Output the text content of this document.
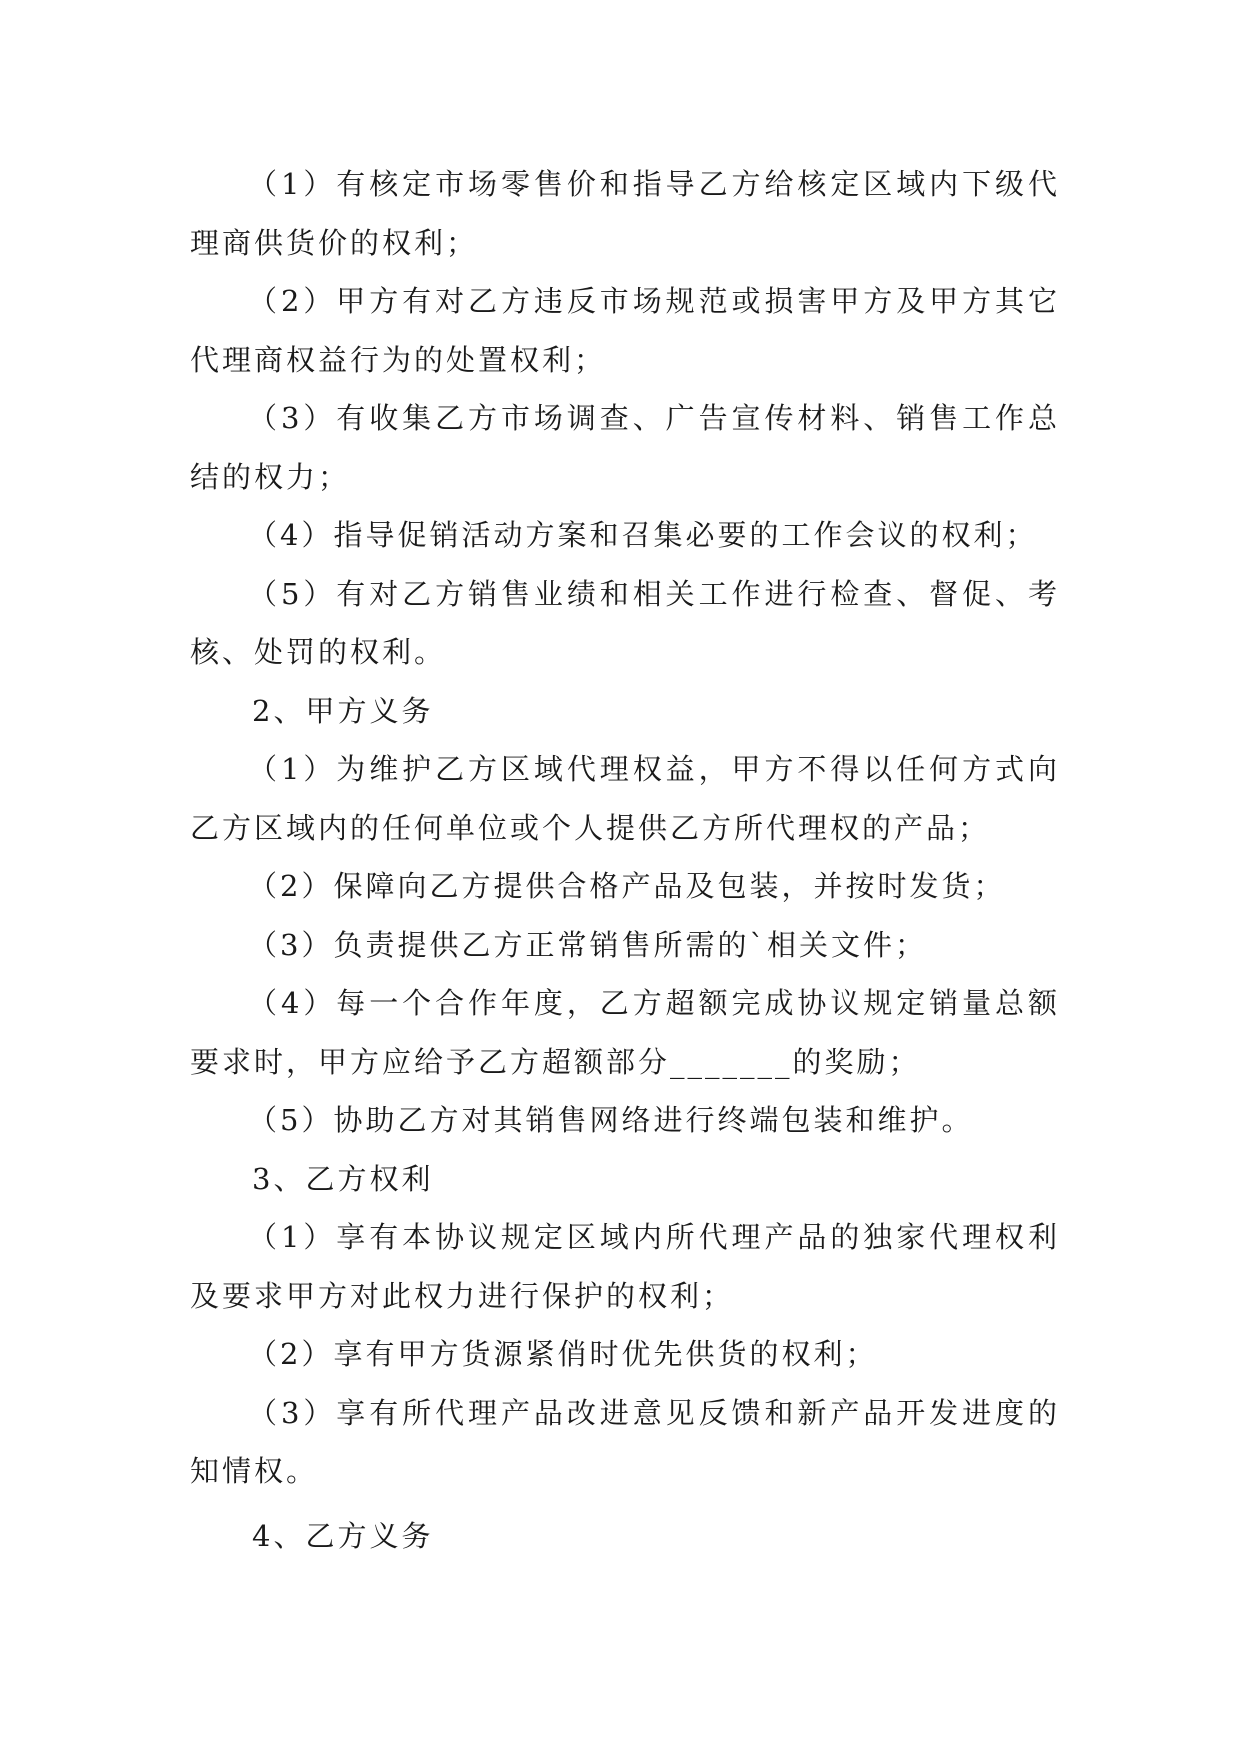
（1）有核定市场零售价和指导乙方给核定区域内下级代理商供货价的权利；

（2）甲方有对乙方违反市场规范或损害甲方及甲方其它代理商权益行为的处置权利；

（3）有收集乙方市场调查、广告宣传材料、销售工作总结的权力；

（4）指导促销活动方案和召集必要的工作会议的权利；

（5）有对乙方销售业绩和相关工作进行检查、督促、考核、处罚的权利。

2、甲方义务

（1）为维护乙方区域代理权益，甲方不得以任何方式向乙方区域内的任何单位或个人提供乙方所代理权的产品；

（2）保障向乙方提供合格产品及包装，并按时发货；

（3）负责提供乙方正常销售所需的`相关文件；

（4）每一个合作年度，乙方超额完成协议规定销量总额要求时，甲方应给予乙方超额部分_______的奖励；

（5）协助乙方对其销售网络进行终端包装和维护。

3、乙方权利

（1）享有本协议规定区域内所代理产品的独家代理权利及要求甲方对此权力进行保护的权利；

（2）享有甲方货源紧俏时优先供货的权利；

（3）享有所代理产品改进意见反馈和新产品开发进度的知情权。

4、乙方义务
